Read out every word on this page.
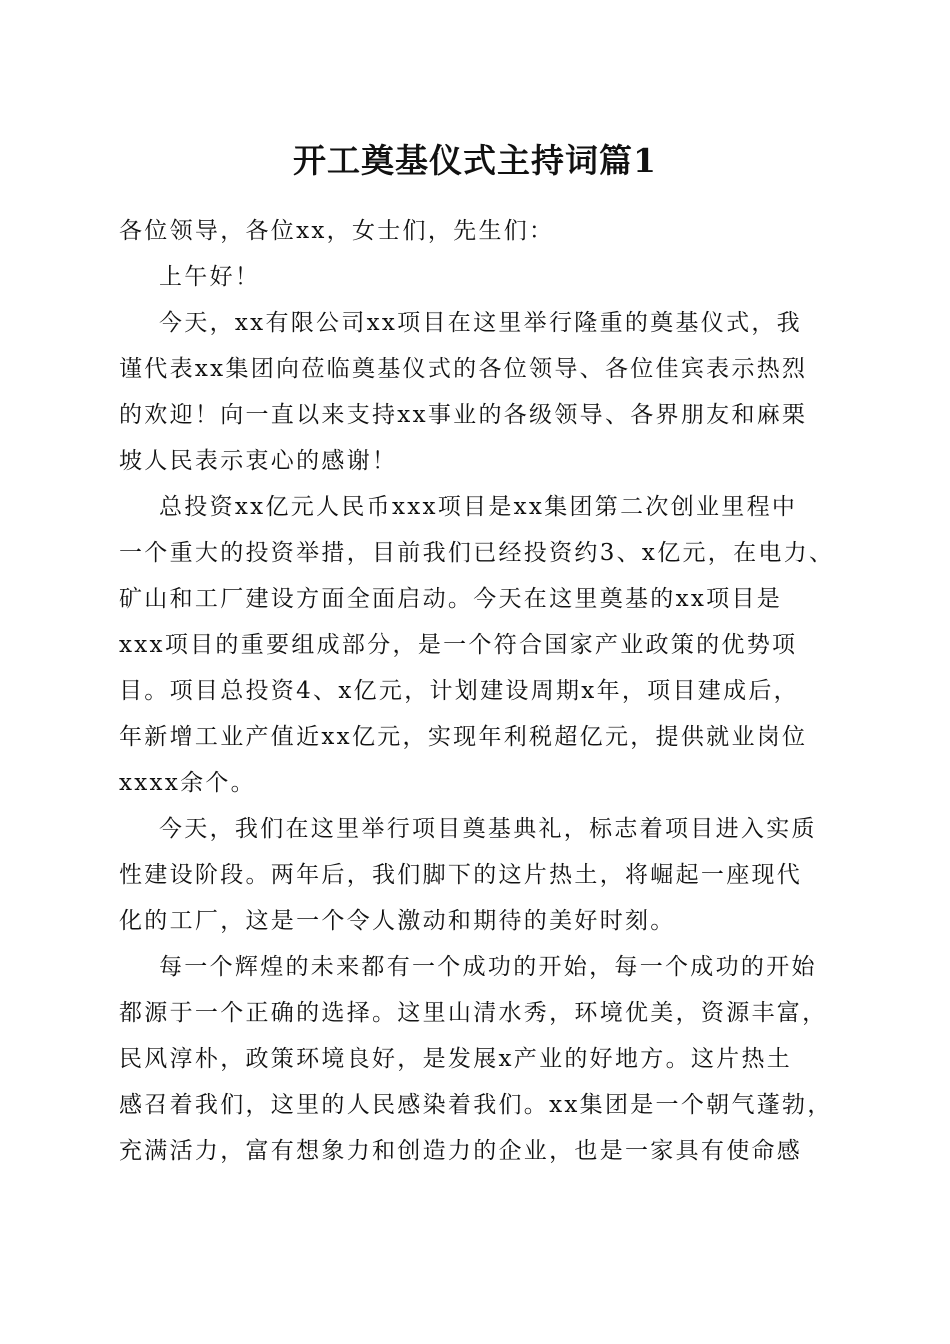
开工奠基仪式主持词篇1
各位领导，各位xx，女士们，先生们：
上午好！
今天，xx有限公司xx项目在这里举行隆重的奠基仪式，我
谨代表xx集团向莅临奠基仪式的各位领导、各位佳宾表示热烈
的欢迎！向一直以来支持xx事业的各级领导、各界朋友和麻栗
坡人民表示衷心的感谢！
总投资xx亿元人民币xxx项目是xx集团第二次创业里程中
一个重大的投资举措，目前我们已经投资约3、x亿元，在电力、
矿山和工厂建设方面全面启动。今天在这里奠基的xx项目是
xxx项目的重要组成部分，是一个符合国家产业政策的优势项
目。项目总投资4、x亿元，计划建设周期x年，项目建成后，
年新增工业产值近xx亿元，实现年利税超亿元，提供就业岗位
xxxx余个。
今天，我们在这里举行项目奠基典礼，标志着项目进入实质
性建设阶段。两年后，我们脚下的这片热土，将崛起一座现代
化的工厂，这是一个令人激动和期待的美好时刻。
每一个辉煌的未来都有一个成功的开始，每一个成功的开始
都源于一个正确的选择。这里山清水秀，环境优美，资源丰富，
民风淳朴，政策环境良好，是发展x产业的好地方。这片热土
感召着我们，这里的人民感染着我们。xx集团是一个朝气蓬勃，
充满活力，富有想象力和创造力的企业，也是一家具有使命感
